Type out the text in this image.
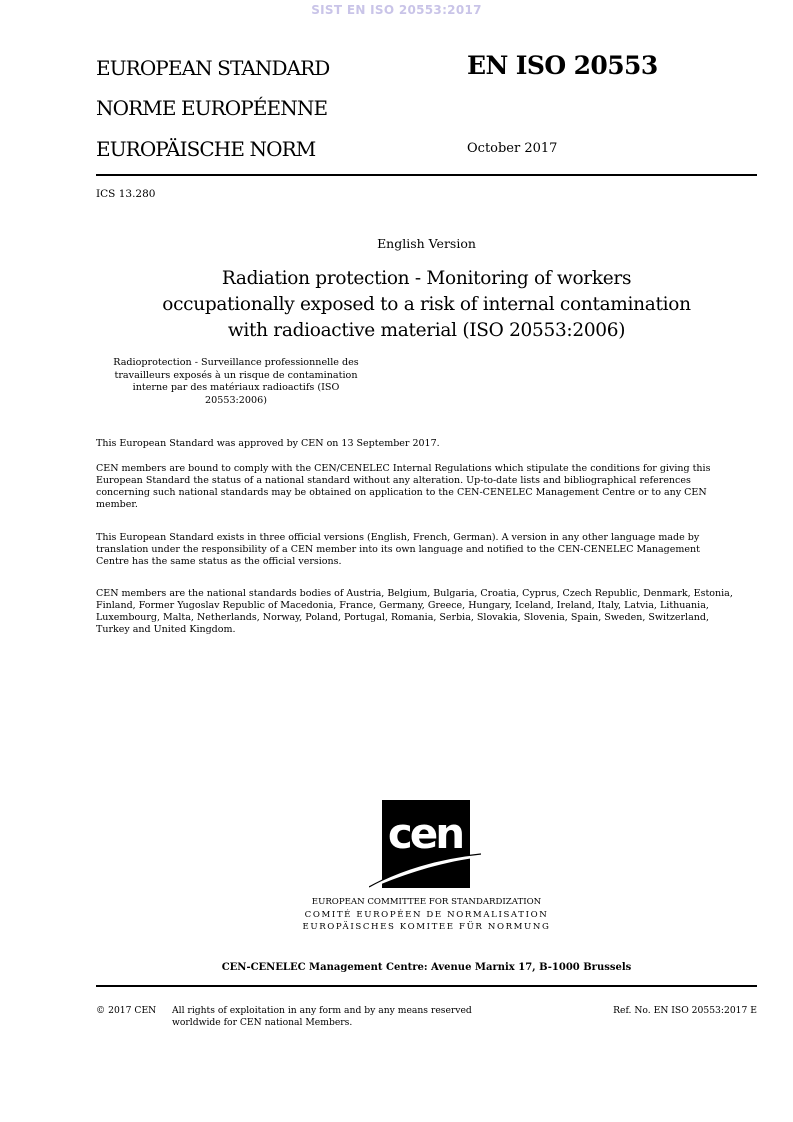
SIST EN ISO 20553:2017
EUROPEAN STANDARD
NORME EUROPÉENNE
EUROPÄISCHE NORM
EN ISO 20553
October 2017
ICS 13.280
English Version
Radiation protection - Monitoring of workers
occupationally exposed to a risk of internal contamination
with radioactive material (ISO 20553:2006)
Radioprotection - Surveillance professionnelle des
travailleurs exposés à un risque de contamination
interne par des matériaux radioactifs (ISO
20553:2006)
This European Standard was approved by CEN on 13 September 2017.
CEN members are bound to comply with the CEN/CENELEC Internal Regulations which stipulate the conditions for giving this
European Standard the status of a national standard without any alteration. Up-to-date lists and bibliographical references
concerning such national standards may be obtained on application to the CEN-CENELEC Management Centre or to any CEN
member.
This European Standard exists in three official versions (English, French, German). A version in any other language made by
translation under the responsibility of a CEN member into its own language and notified to the CEN-CENELEC Management
Centre has the same status as the official versions.
CEN members are the national standards bodies of Austria, Belgium, Bulgaria, Croatia, Cyprus, Czech Republic, Denmark, Estonia,
Finland, Former Yugoslav Republic of Macedonia, France, Germany, Greece, Hungary, Iceland, Ireland, Italy, Latvia, Lithuania,
Luxembourg, Malta, Netherlands, Norway, Poland, Portugal, Romania, Serbia, Slovakia, Slovenia, Spain, Sweden, Switzerland,
Turkey and United Kingdom.
cen
EUROPEAN COMMITTEE FOR STANDARDIZATION
COMITÉ EUROPÉEN DE NORMALISATION
EUROPÄISCHES KOMITEE FÜR NORMUNG
CEN-CENELEC Management Centre: Avenue Marnix 17, B-1000 Brussels
© 2017 CEN All rights of exploitation in any form and by any means reserved
worldwide for CEN national Members.
Ref. No. EN ISO 20553:2017 E
